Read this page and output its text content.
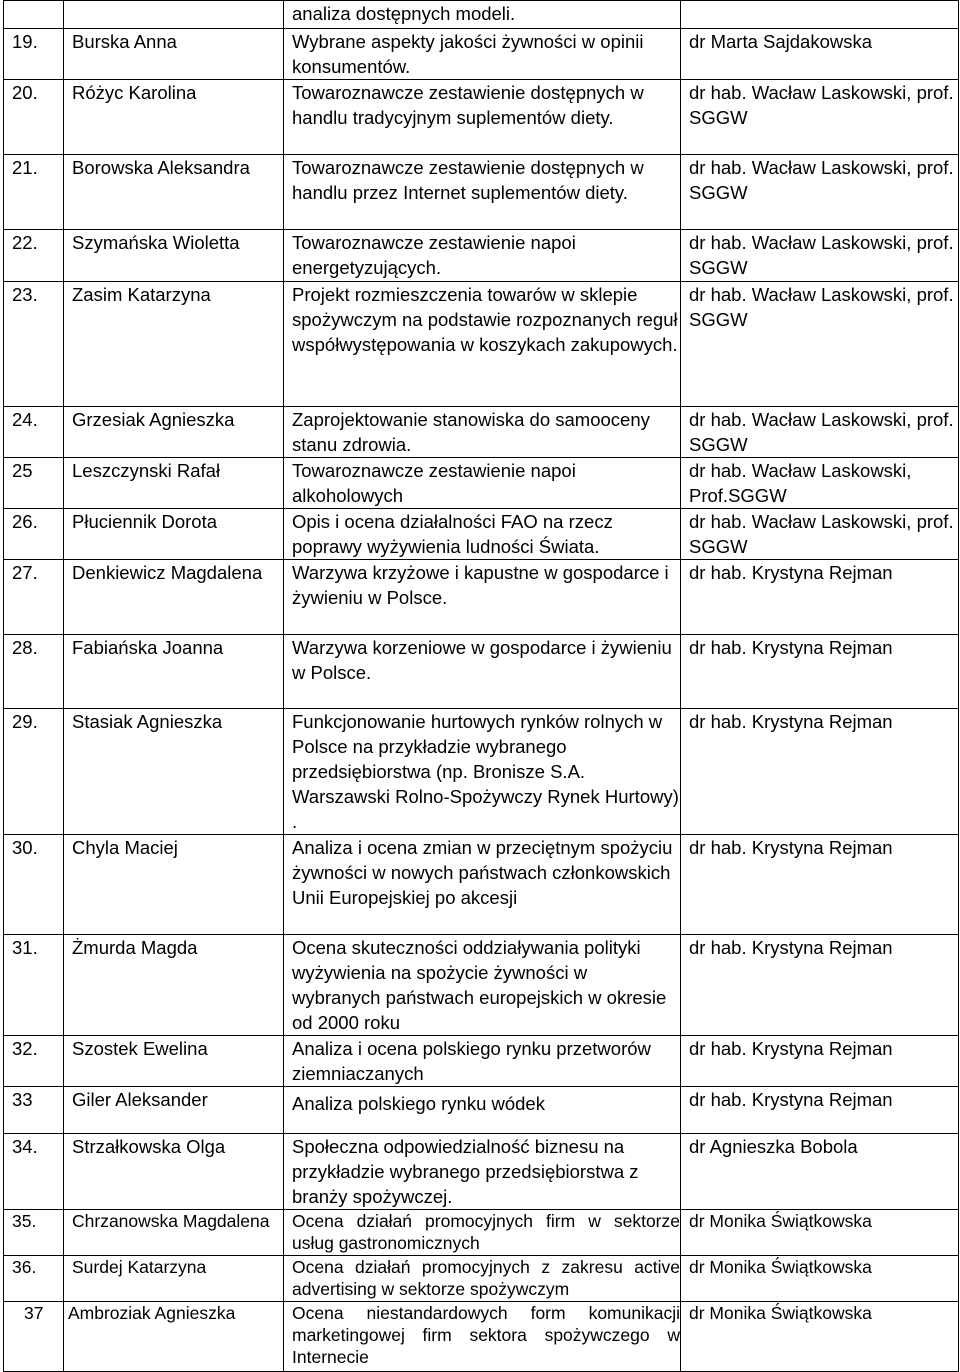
		analiza dostępnych modeli.	
19.	Burska Anna	Wybrane aspekty jakości żywności w opinii konsumentów.	dr Marta Sajdakowska
20.	Różyc Karolina	Towaroznawcze zestawienie dostępnych w handlu tradycyjnym suplementów diety.	dr hab. Wacław Laskowski, prof. SGGW
21.	Borowska Aleksandra	Towaroznawcze zestawienie dostępnych w handlu przez Internet suplementów diety.	dr hab. Wacław Laskowski, prof. SGGW
22.	Szymańska Wioletta	Towaroznawcze zestawienie napoi energetyzujących.	dr hab. Wacław Laskowski, prof. SGGW
23.	Zasim Katarzyna	Projekt rozmieszczenia towarów w sklepie spożywczym na podstawie rozpoznanych reguł współwystępowania w koszykach zakupowych.	dr hab. Wacław Laskowski, prof. SGGW
24.	Grzesiak Agnieszka	Zaprojektowanie stanowiska do samooceny stanu zdrowia.	dr hab. Wacław Laskowski, prof. SGGW
25	Leszczynski Rafał	Towaroznawcze zestawienie napoi alkoholowych	dr hab. Wacław Laskowski, Prof.SGGW
26.	Płuciennik Dorota	Opis i ocena działalności FAO na rzecz poprawy wyżywienia ludności Świata.	dr hab. Wacław Laskowski, prof. SGGW
27.	Denkiewicz Magdalena	Warzywa krzyżowe i kapustne w gospodarce i żywieniu w Polsce.	dr hab. Krystyna Rejman
28.	Fabiańska Joanna	Warzywa korzeniowe w gospodarce i żywieniu w Polsce.	dr hab. Krystyna Rejman
29.	Stasiak Agnieszka	Funkcjonowanie hurtowych rynków rolnych w Polsce na przykładzie wybranego przedsiębiorstwa (np. Bronisze S.A. Warszawski Rolno-Spożywczy Rynek Hurtowy) .	dr hab. Krystyna Rejman
30.	Chyla Maciej	Analiza i ocena zmian w przeciętnym spożyciu żywności w nowych państwach członkowskich Unii Europejskiej po akcesji	dr hab. Krystyna Rejman
31.	Żmurda Magda	Ocena skuteczności oddziaływania polityki wyżywienia na spożycie żywności w wybranych państwach europejskich w okresie od 2000 roku	dr hab. Krystyna Rejman
32.	Szostek Ewelina	Analiza i ocena polskiego rynku przetworów ziemniaczanych	dr hab. Krystyna Rejman
33	Giler Aleksander	Analiza polskiego rynku wódek	dr hab. Krystyna Rejman
34.	Strzałkowska Olga	Społeczna odpowiedzialność biznesu na przykładzie wybranego przedsiębiorstwa z branży spożywczej.	dr Agnieszka Bobola
35.	Chrzanowska Magdalena	Ocena działań promocyjnych firm w sektorze usług gastronomicznych	dr Monika Świątkowska
36.	Surdej Katarzyna	Ocena działań promocyjnych z zakresu active advertising w sektorze spożywczym	dr Monika Świątkowska
37	Ambroziak Agnieszka	Ocena niestandardowych form komunikacji marketingowej firm sektora spożywczego w Internecie	dr Monika Świątkowska
